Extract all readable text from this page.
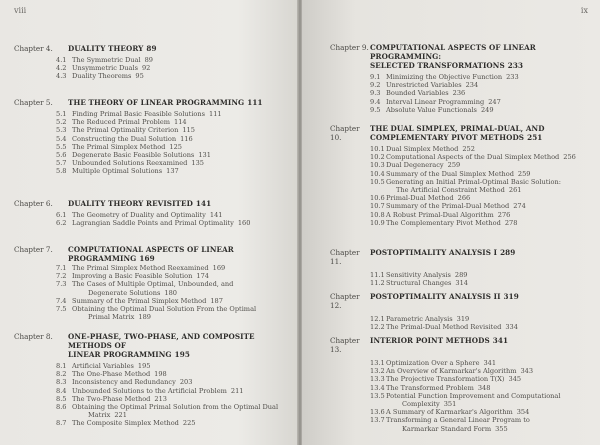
viii
Chapter 4.	DUALITY THEORY 89
4.1 The Symmetric Dual 89
4.2 Unsymmetric Duals 92
4.3 Duality Theorems 95
Chapter 5.	THE THEORY OF LINEAR PROGRAMMING 111
5.1 Finding Primal Basic Feasible Solutions 111
5.2 The Reduced Primal Problem 114
5.3 The Primal Optimality Criterion 115
5.4 Constructing the Dual Solution 116
5.5 The Primal Simplex Method 125
5.6 Degenerate Basic Feasible Solutions 131
5.7 Unbounded Solutions Reexamined 135
5.8 Multiple Optimal Solutions 137
Chapter 6.	DUALITY THEORY REVISITED 141
6.1 The Geometry of Duality and Optimality 141
6.2 Lagrangian Saddle Points and Primal Optimality 160
Chapter 7.	COMPUTATIONAL ASPECTS OF LINEAR PROGRAMMING 169
7.1 The Primal Simplex Method Reexamined 169
7.2 Improving a Basic Feasible Solution 174
7.3 The Cases of Multiple Optimal, Unbounded, and
Degenerate Solutions 180
7.4 Summary of the Primal Simplex Method 187
7.5 Obtaining the Optimal Dual Solution From the Optimal
Primal Matrix 189
Chapter 8.	ONE-PHASE, TWO-PHASE, AND COMPOSITE METHODS OF
LINEAR PROGRAMMING 195
8.1 Artificial Variables 195
8.2 The One-Phase Method 198
8.3 Inconsistency and Redundancy 203
8.4 Unbounded Solutions to the Artificial Problem 211
8.5 The Two-Phase Method 213
8.6 Obtaining the Optimal Primal Solution from the Optimal Dual
Matrix 221
8.7 The Composite Simplex Method 225
ix
Chapter 9. COMPUTATIONAL ASPECTS OF LINEAR PROGRAMMING:
SELECTED TRANSFORMATIONS 233
9.1 Minimizing the Objective Function 233
9.2 Unrestricted Variables 234
9.3 Bounded Variables 236
9.4 Interval Linear Programming 247
9.5 Absolute Value Functionals 249
Chapter 10.
THE DUAL SIMPLEX, PRIMAL-DUAL, AND
COMPLEMENTARY PIVOT METHODS 251
10.1 Dual Simplex Method 252
10.2 Computational Aspects of the Dual Simplex Method 256
10.3 Dual Degeneracy 259
10.4 Summary of the Dual Simplex Method 259
10.5 Generating an Initial Primal-Optimal Basic Solution:
The Artificial Constraint Method 261
10.6 Primal-Dual Method 266
10.7 Summary of the Primal-Dual Method 274
10.8 A Robust Primal-Dual Algorithm 276
10.9 The Complementary Pivot Method 278
Chapter 11.
POSTOPTIMALITY ANALYSIS I 289
11.1 Sensitivity Analysis 289
11.2 Structural Changes 314
Chapter 12.
POSTOPTIMALITY ANALYSIS II 319
12.1 Parametric Analysis 319
12.2 The Primal-Dual Method Revisited 334
Chapter 13.
INTERIOR POINT METHODS 341
13.1 Optimization Over a Sphere 341
13.2 An Overview of Karmarkar's Algorithm 343
13.3 The Projective Transformation T(X) 345
13.4 The Transformed Problem 348
13.5 Potential Function Improvement and Computational
Complexity 351
13.6 A Summary of Karmarkar's Algorithm 354
13.7 Transforming a General Linear Program to
Karmarkar Standard Form 355
